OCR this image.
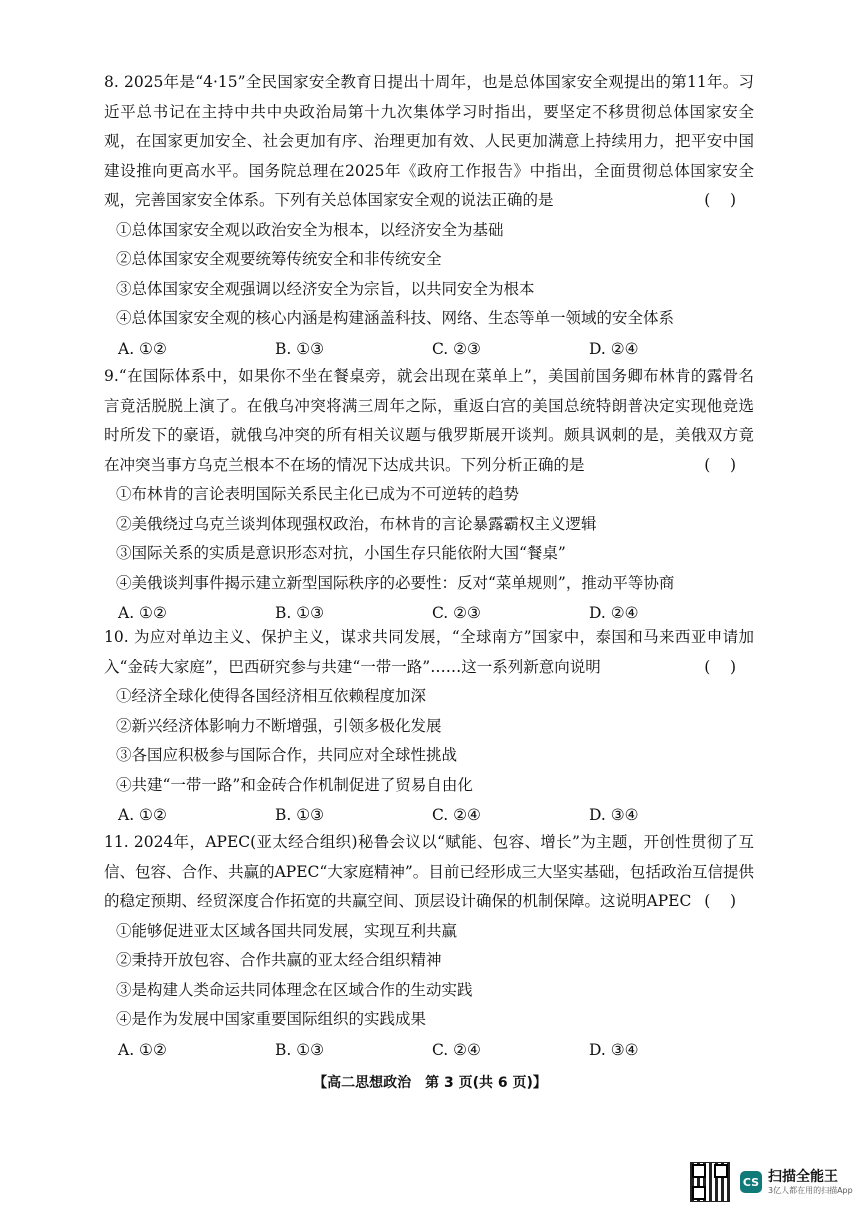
8. 2025年是“4·15”全民国家安全教育日提出十周年，也是总体国家安全观提出的第11年。习近平总书记在主持中共中央政治局第十九次集体学习时指出，要坚定不移贯彻总体国家安全观，在国家更加安全、社会更加有序、治理更加有效、人民更加满意上持续用力，把平安中国建设推向更高水平。国务院总理在2025年《政府工作报告》中指出，全面贯彻总体国家安全观，完善国家安全体系。下列有关总体国家安全观的说法正确的是	(    )
①总体国家安全观以政治安全为根本，以经济安全为基础
②总体国家安全观要统筹传统安全和非传统安全
③总体国家安全观强调以经济安全为宗旨，以共同安全为根本
④总体国家安全观的核心内涵是构建涵盖科技、网络、生态等单一领域的安全体系
A. ①②	B. ①③	C. ②③	D. ②④
9.“在国际体系中，如果你不坐在餐桌旁，就会出现在菜单上”，美国前国务卿布林肯的露骨名言竟活脱脱上演了。在俄乌冲突将满三周年之际，重返白宫的美国总统特朗普决定实现他竞选时所发下的豪语，就俄乌冲突的所有相关议题与俄罗斯展开谈判。颇具讽刺的是，美俄双方竟在冲突当事方乌克兰根本不在场的情况下达成共识。下列分析正确的是	(    )
①布林肯的言论表明国际关系民主化已成为不可逆转的趋势
②美俄绕过乌克兰谈判体现强权政治，布林肯的言论暴露霸权主义逻辑
③国际关系的实质是意识形态对抗，小国生存只能依附大国“餐桌”
④美俄谈判事件揭示建立新型国际秩序的必要性：反对“菜单规则”，推动平等协商
A. ①②	B. ①③	C. ②③	D. ②④
10. 为应对单边主义、保护主义，谋求共同发展，“全球南方”国家中，泰国和马来西亚申请加入“金砖大家庭”，巴西研究参与共建“一带一路”……这一系列新意向说明	(    )
①经济全球化使得各国经济相互依赖程度加深
②新兴经济体影响力不断增强，引领多极化发展
③各国应积极参与国际合作，共同应对全球性挑战
④共建“一带一路”和金砖合作机制促进了贸易自由化
A. ①②	B. ①③	C. ②④	D. ③④
11. 2024年，APEC(亚太经合组织)秘鲁会议以“赋能、包容、增长”为主题，开创性贯彻了互信、包容、合作、共赢的APEC“大家庭精神”。目前已经形成三大坚实基础，包括政治互信提供的稳定预期、经贸深度合作拓宽的共赢空间、顶层设计确保的机制保障。这说明APEC (    )
①能够促进亚太区域各国共同发展，实现互利共赢
②秉持开放包容、合作共赢的亚太经合组织精神
③是构建人类命运共同体理念在区域合作的生动实践
④是作为发展中国家重要国际组织的实践成果
A. ①②	B. ①③	C. ②④	D. ③④
【高二思想政治　第 3 页(共 6 页)】
CS 扫描全能王
3亿人都在用的扫描App
